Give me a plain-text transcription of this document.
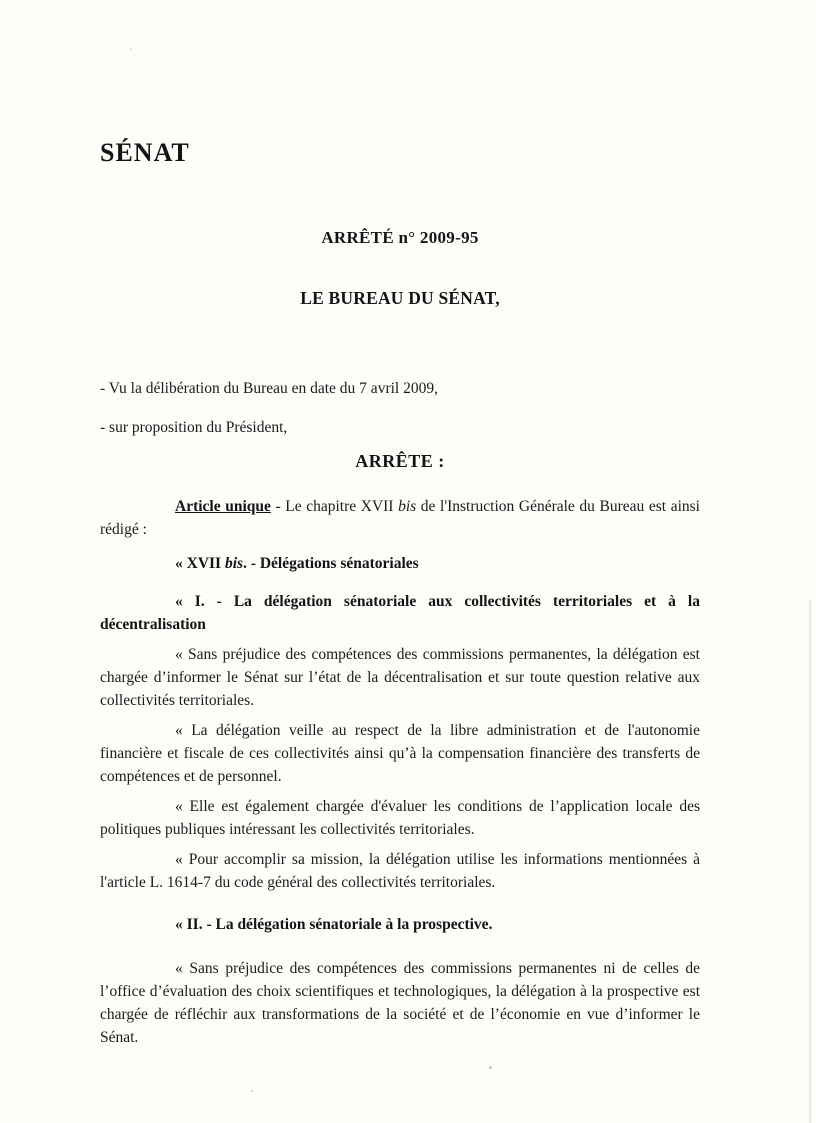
SÉNAT
ARRÊTÉ n° 2009-95
LE BUREAU DU SÉNAT,

- Vu la délibération du Bureau en date du 7 avril 2009,

- sur proposition du Président,

ARRÊTE :

Article unique - Le chapitre XVII bis de l'Instruction Générale du Bureau est ainsi rédigé :

« XVII bis. - Délégations sénatoriales

« I. - La délégation sénatoriale aux collectivités territoriales et à la décentralisation

« Sans préjudice des compétences des commissions permanentes, la délégation est chargée d’informer le Sénat sur l’état de la décentralisation et sur toute question relative aux collectivités territoriales.

« La délégation veille au respect de la libre administration et de l'autonomie financière et fiscale de ces collectivités ainsi qu’à la compensation financière des transferts de compétences et de personnel.

« Elle est également chargée d'évaluer les conditions de l’application locale des politiques publiques intéressant les collectivités territoriales.

« Pour accomplir sa mission, la délégation utilise les informations mentionnées à l'article L. 1614-7 du code général des collectivités territoriales.

« II. - La délégation sénatoriale à la prospective.

« Sans préjudice des compétences des commissions permanentes ni de celles de l’office d’évaluation des choix scientifiques et technologiques, la délégation à la prospective est chargée de réfléchir aux transformations de la société et de l’économie en vue d’informer le Sénat.
